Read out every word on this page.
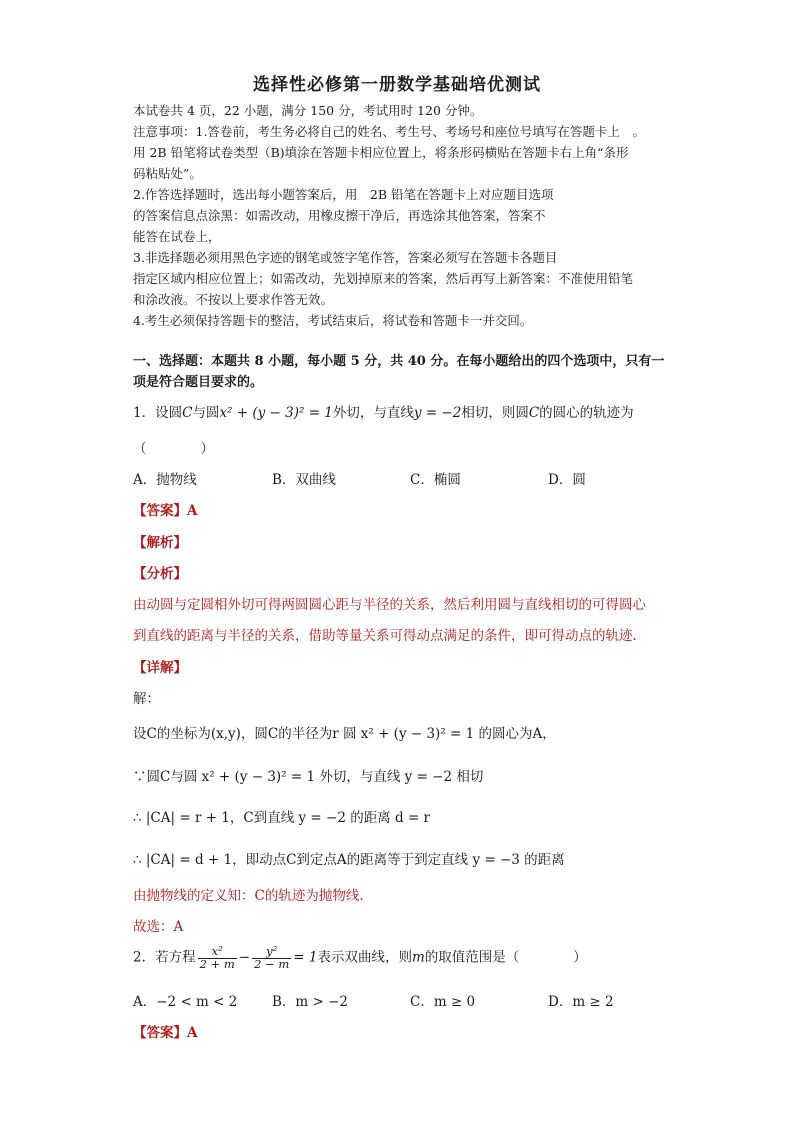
选择性必修第一册数学基础培优测试
本试卷共 4 页，22 小题，满分 150 分，考试用时 120 分钟。
注意事项：1.答卷前，考生务必将自己的姓名、考生号、考场号和座位号填写在答题卡上　。
用 2B 铅笔将试卷类型（B)填涂在答题卡相应位置上，将条形码横贴在答题卡右上角“条形
码粘贴处”。
2.作答选择题时，选出每小题答案后，用　2B 铅笔在答题卡上对应题目选项
的答案信息点涂黑：如需改动，用橡皮擦干净后，再选涂其他答案，答案不
能答在试卷上，
3.非选择题必须用黑色字迹的钢笔或签字笔作答，答案必须写在答题卡各题目
指定区域内相应位置上；如需改动，先划掉原来的答案，然后再写上新答案：不准使用铅笔
和涂改液。不按以上要求作答无效。
4.考生必须保持答题卡的整洁，考试结束后，将试卷和答题卡一并交回。
一、选择题：本题共 8 小题，每小题 5 分，共 40 分。在每小题给出的四个选项中，只有一
项是符合题目要求的。
1．设圆C与圆x² + (y − 3)² = 1外切，与直线y = −2相切，则圆C的圆心的轨迹为
（　　　　）
A．抛物线	B．双曲线	C．椭圆	D．圆
【答案】A
【解析】
【分析】
由动圆与定圆相外切可得两圆圆心距与半径的关系，然后利用圆与直线相切的可得圆心
到直线的距离与半径的关系，借助等量关系可得动点满足的条件，即可得动点的轨迹.
【详解】
解：
设C的坐标为(x,y)，圆C的半径为r 圆 x² + (y − 3)² = 1 的圆心为A，
∵圆C与圆 x² + (y − 3)² = 1 外切，与直线 y = −2 相切
∴ |CA| = r + 1，C到直线 y = −2 的距离 d = r
∴ |CA| = d + 1，即动点C到定点A的距离等于到定直线 y = −3 的距离
由抛物线的定义知：C的轨迹为抛物线.
故选：A
2．若方程 $\frac{\text{x²}}{2 + m} - \frac{\text{y²}}{2 - m} = 1$表示双曲线，则m的取值范围是（　　　　）
A．−2 < m < 2	B．m > −2	C．m ≥ 0	D．m ≥ 2
【答案】A
